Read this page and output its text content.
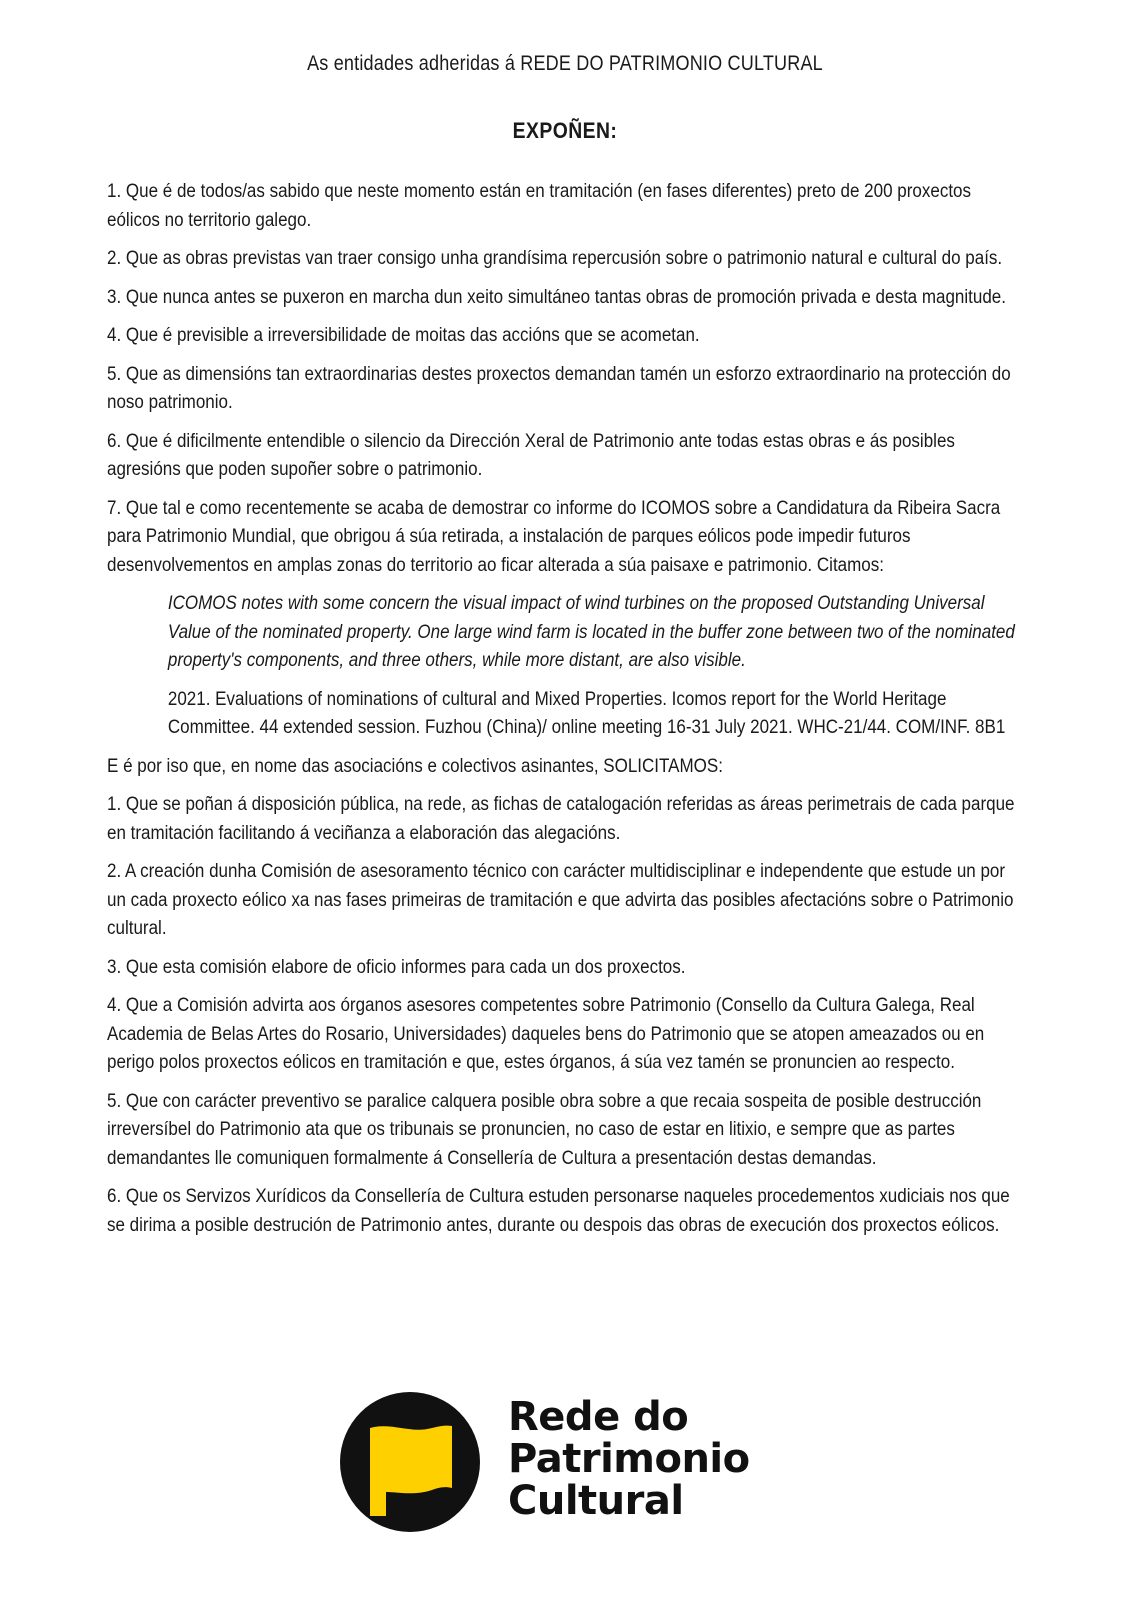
As entidades adheridas á REDE DO PATRIMONIO CULTURAL
EXPOÑEN:

1. Que é de todos/as sabido que neste momento están en tramitación (en fases diferentes) preto de 200 proxectos eólicos no territorio galego.

2. Que as obras previstas van traer consigo unha grandísima repercusión sobre o patrimonio natural e cultural do país.

3. Que nunca antes se puxeron en marcha dun xeito simultáneo tantas obras de promoción privada e desta magnitude.

4. Que é previsible a irreversibilidade de moitas das accións que se acometan.

5. Que as dimensións tan extraordinarias destes proxectos demandan tamén un esforzo extraordinario na protección do noso patrimonio.

6. Que é dificilmente entendible o silencio da Dirección Xeral de Patrimonio ante todas estas obras e ás posibles agresións que poden supoñer sobre o patrimonio.

7. Que tal e como recentemente se acaba de demostrar co informe do ICOMOS sobre a Candidatura da Ribeira Sacra para Patrimonio Mundial, que obrigou á súa retirada, a instalación de parques eólicos pode impedir futuros desenvolvementos en amplas zonas do territorio ao ficar alterada a súa paisaxe e patrimonio. Citamos:

ICOMOS notes with some concern the visual impact of wind turbines on the proposed Outstanding Universal Value of the nominated property. One large wind farm is located in the buffer zone between two of the nominated property's components, and three others, while more distant, are also visible.

2021. Evaluations of nominations of cultural and Mixed Properties. Icomos report for the World Heritage Committee. 44 extended session. Fuzhou (China)/ online meeting 16-31 July 2021. WHC-21/44. COM/INF. 8B1

E é por iso que, en nome das asociacións e colectivos asinantes, SOLICITAMOS:

1. Que se poñan á disposición pública, na rede, as fichas de catalogación referidas as áreas perimetrais de cada parque en tramitación facilitando á veciñanza a elaboración das alegacións.

2. A creación dunha Comisión de asesoramento técnico con carácter multidisciplinar e independente que estude un por un cada proxecto eólico xa nas fases primeiras de tramitación e que advirta das posibles afectacións sobre o Patrimonio cultural.

3. Que esta comisión elabore de oficio informes para cada un dos proxectos.

4. Que a Comisión advirta aos órganos asesores competentes sobre Patrimonio (Consello da Cultura Galega, Real Academia de Belas Artes do Rosario, Universidades) daqueles bens do Patrimonio que se atopen ameazados ou en perigo polos proxectos eólicos en tramitación e que, estes órganos, á súa vez tamén se pronuncien ao respecto.

5. Que con carácter preventivo se paralice calquera posible obra sobre a que recaia sospeita de posible destrucción irreversíbel do Patrimonio ata que os tribunais se pronuncien, no caso de estar en litixio, e sempre que as partes demandantes lle comuniquen formalmente á Consellería de Cultura a presentación destas demandas.

6. Que os Servizos Xurídicos da Consellería de Cultura estuden personarse naqueles procedementos xudiciais nos que se dirima a posible destrución de Patrimonio antes, durante ou despois das obras de execución dos proxectos eólicos.

Rede do
Patrimonio
Cultural
